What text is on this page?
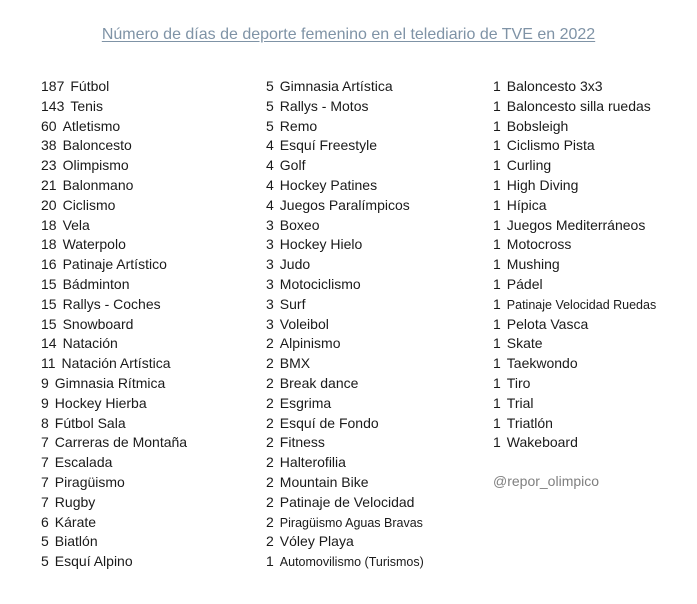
Número de días de deporte femenino en el telediario de TVE en 2022
187 Fútbol
143 Tenis
60 Atletismo
38 Baloncesto
23 Olimpismo
21 Balonmano
20 Ciclismo
18 Vela
18 Waterpolo
16 Patinaje Artístico
15 Bádminton
15 Rallys - Coches
15 Snowboard
14 Natación
11 Natación Artística
9 Gimnasia Rítmica
9 Hockey Hierba
8 Fútbol Sala
7 Carreras de Montaña
7 Escalada
7 Piragüismo
7 Rugby
6 Kárate
5 Biatlón
5 Esquí Alpino
5 Gimnasia Artística
5 Rallys - Motos
5 Remo
4 Esquí Freestyle
4 Golf
4 Hockey Patines
4 Juegos Paralímpicos
3 Boxeo
3 Hockey Hielo
3 Judo
3 Motociclismo
3 Surf
3 Voleibol
2 Alpinismo
2 BMX
2 Break dance
2 Esgrima
2 Esquí de Fondo
2 Fitness
2 Halterofilia
2 Mountain Bike
2 Patinaje de Velocidad
2 Piragüismo Aguas Bravas
2 Vóley Playa
1 Automovilismo (Turismos)
1 Baloncesto 3x3
1 Baloncesto silla ruedas
1 Bobsleigh
1 Ciclismo Pista
1 Curling
1 High Diving
1 Hípica
1 Juegos Mediterráneos
1 Motocross
1 Mushing
1 Pádel
1 Patinaje Velocidad Ruedas
1 Pelota Vasca
1 Skate
1 Taekwondo
1 Tiro
1 Trial
1 Triatlón
1 Wakeboard
@repor_olimpico
